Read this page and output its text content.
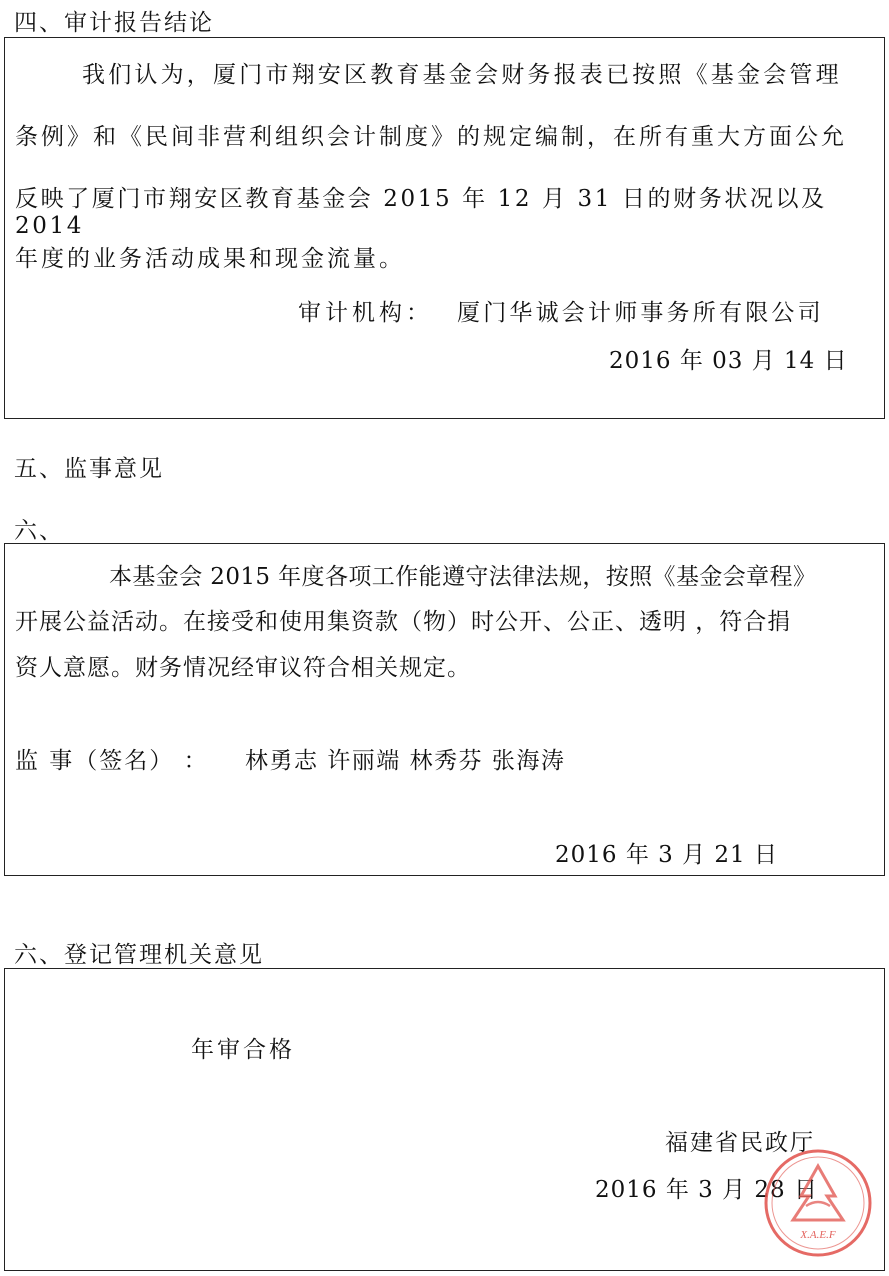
四、审计报告结论
我们认为，厦门市翔安区教育基金会财务报表已按照《基金会管理
条例》和《民间非营利组织会计制度》的规定编制，在所有重大方面公允
反映了厦门市翔安区教育基金会 2015 年 12 月 31 日的财务状况以及 2014
年度的业务活动成果和现金流量。
审计机构： 厦门华诚会计师事务所有限公司
2016 年 03 月 14 日
五、监事意见
六、
本基金会 2015 年度各项工作能遵守法律法规，按照《基金会章程》
开展公益活动。在接受和使用集资款（物）时公开、公正、透明 ，符合捐
资人意愿。财务情况经审议符合相关规定。
监 事（签名） ： 林勇志 许丽端 林秀芬 张海涛
2016 年 3 月 21 日
六、登记管理机关意见
年审合格
福建省民政厅
2016 年 3 月 28 日
X.A.E.F
